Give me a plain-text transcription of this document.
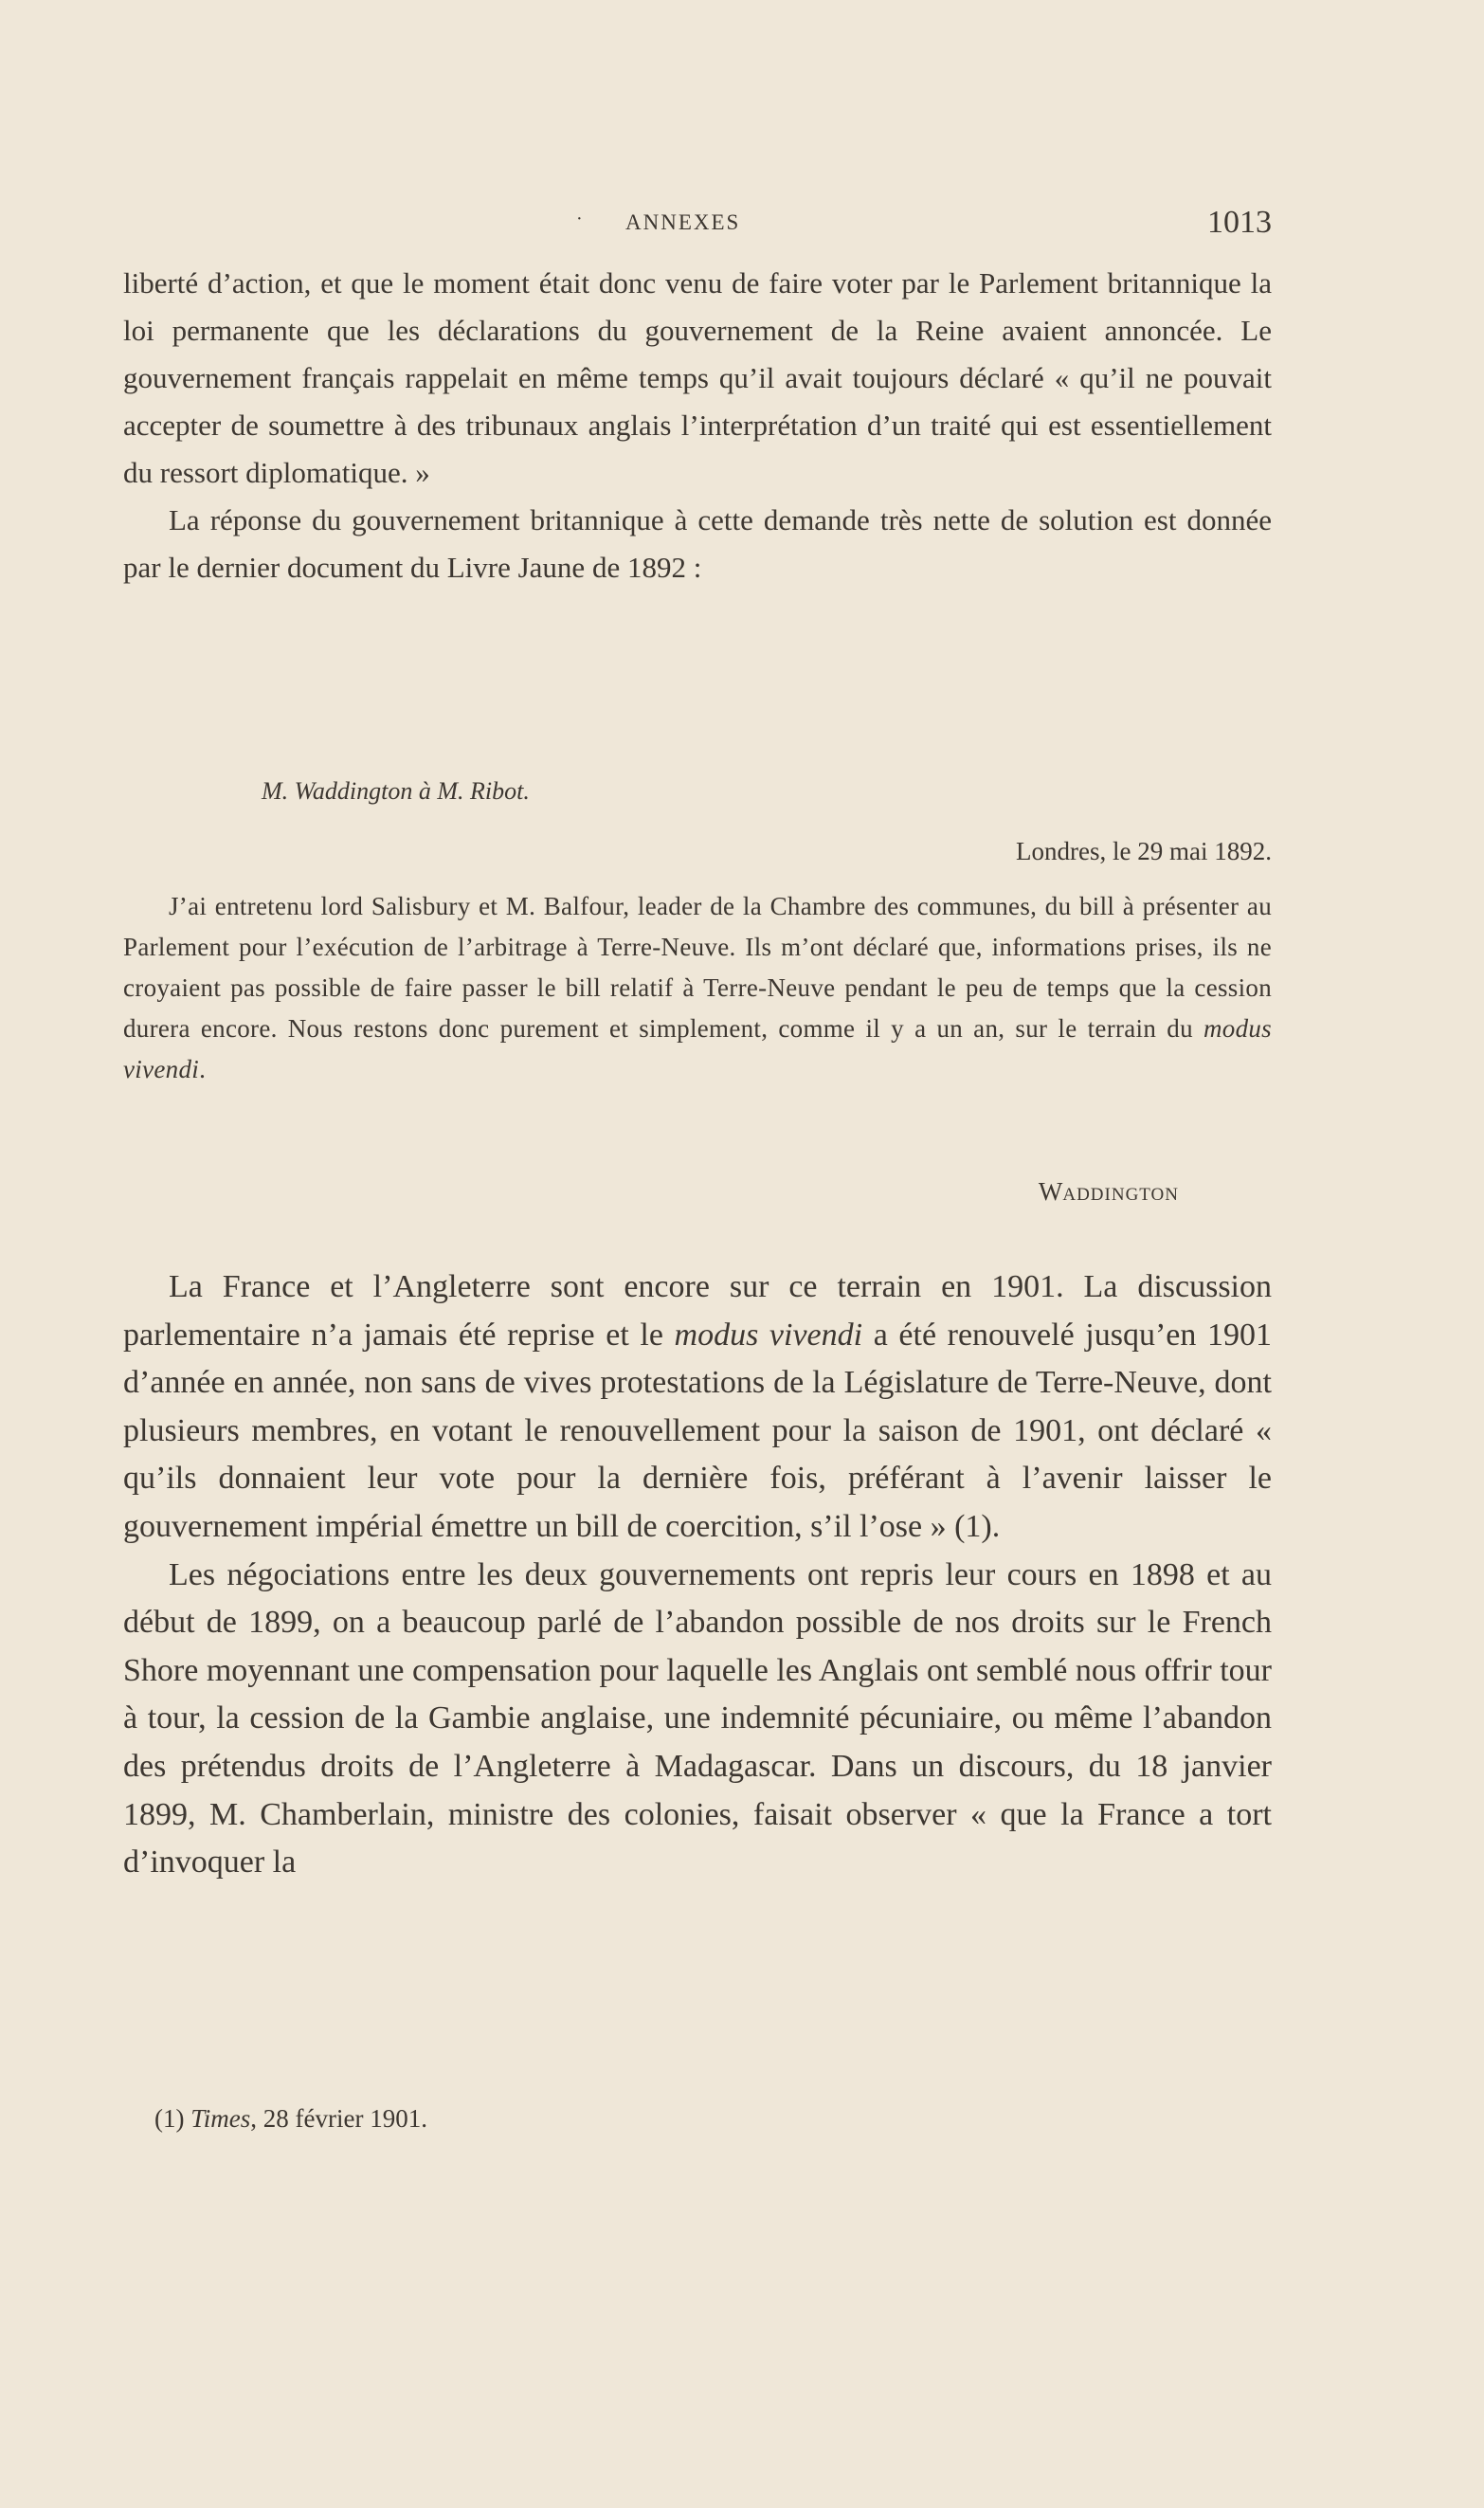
· ANNEXES	1013

liberté d’action, et que le moment était donc venu de faire voter par le Parlement britannique la loi permanente que les déclarations du gouvernement de la Reine avaient annoncée. Le gouvernement français rappelait en même temps qu’il avait toujours déclaré « qu’il ne pouvait accepter de soumettre à des tribunaux anglais l’interprétation d’un traité qui est essentiellement du ressort diplomatique. »

La réponse du gouvernement britannique à cette demande très nette de solution est donnée par le dernier document du Livre Jaune de 1892 :

M. Waddington à M. Ribot.
Londres, le 29 mai 1892.

J’ai entretenu lord Salisbury et M. Balfour, leader de la Chambre des communes, du bill à présenter au Parlement pour l’exécution de l’arbitrage à Terre-Neuve. Ils m’ont déclaré que, informations prises, ils ne croyaient pas possible de faire passer le bill relatif à Terre-Neuve pendant le peu de temps que la cession durera encore. Nous restons donc purement et simplement, comme il y a un an, sur le terrain du modus vivendi.

WADDINGTON

La France et l’Angleterre sont encore sur ce terrain en 1901. La discussion parlementaire n’a jamais été reprise et le modus vivendi a été renouvelé jusqu’en 1901 d’année en année, non sans de vives protestations de la Législature de Terre-Neuve, dont plusieurs membres, en votant le renouvellement pour la saison de 1901, ont déclaré « qu’ils donnaient leur vote pour la dernière fois, préférant à l’avenir laisser le gouvernement impérial émettre un bill de coercition, s’il l’ose » (1).

Les négociations entre les deux gouvernements ont repris leur cours en 1898 et au début de 1899, on a beaucoup parlé de l’abandon possible de nos droits sur le French Shore moyennant une compensation pour laquelle les Anglais ont semblé nous offrir tour à tour, la cession de la Gambie anglaise, une indemnité pécuniaire, ou même l’abandon des prétendus droits de l’Angleterre à Madagascar. Dans un discours, du 18 janvier 1899, M. Chamberlain, ministre des colonies, faisait observer « que la France a tort d’invoquer la

(1) Times, 28 février 1901.
